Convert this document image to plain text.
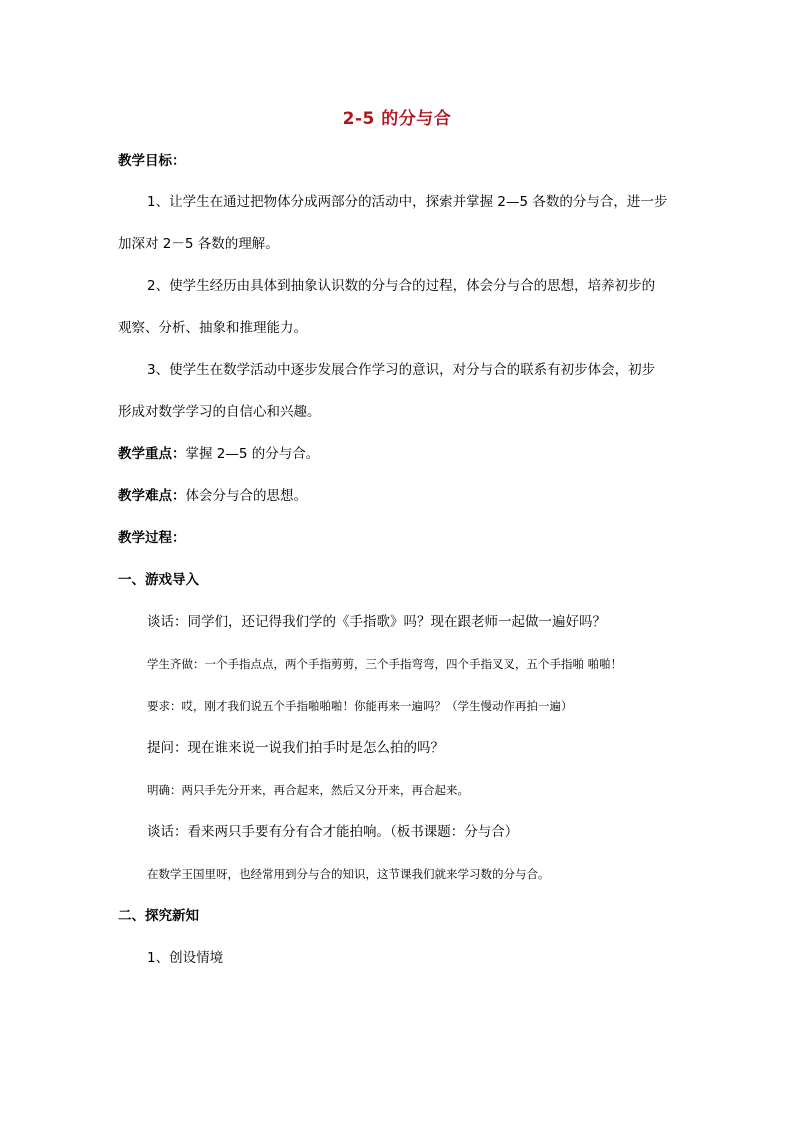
2-5 的分与合
教学目标：
1、让学生在通过把物体分成两部分的活动中，探索并掌握 2—5 各数的分与合，进一步
加深对 2－5 各数的理解。
2、使学生经历由具体到抽象认识数的分与合的过程，体会分与合的思想，培养初步的
观察、分析、抽象和推理能力。
3、使学生在数学活动中逐步发展合作学习的意识，对分与合的联系有初步体会，初步
形成对数学学习的自信心和兴趣。
教学重点：掌握 2—5 的分与合。
教学难点：体会分与合的思想。
教学过程：
一、游戏导入
谈话：同学们，还记得我们学的《手指歌》吗？现在跟老师一起做一遍好吗？
学生齐做：一个手指点点，两个手指剪剪，三个手指弯弯，四个手指叉叉，五个手指啪 啪啪！
要求：哎，刚才我们说五个手指啪啪啪！你能再来一遍吗？（学生慢动作再拍一遍）
提问：现在谁来说一说我们拍手时是怎么拍的吗？
明确：两只手先分开来，再合起来，然后又分开来，再合起来。
谈话：看来两只手要有分有合才能拍响。（板书课题：分与合）
在数学王国里呀，也经常用到分与合的知识，这节课我们就来学习数的分与合。
二、探究新知
1、创设情境
